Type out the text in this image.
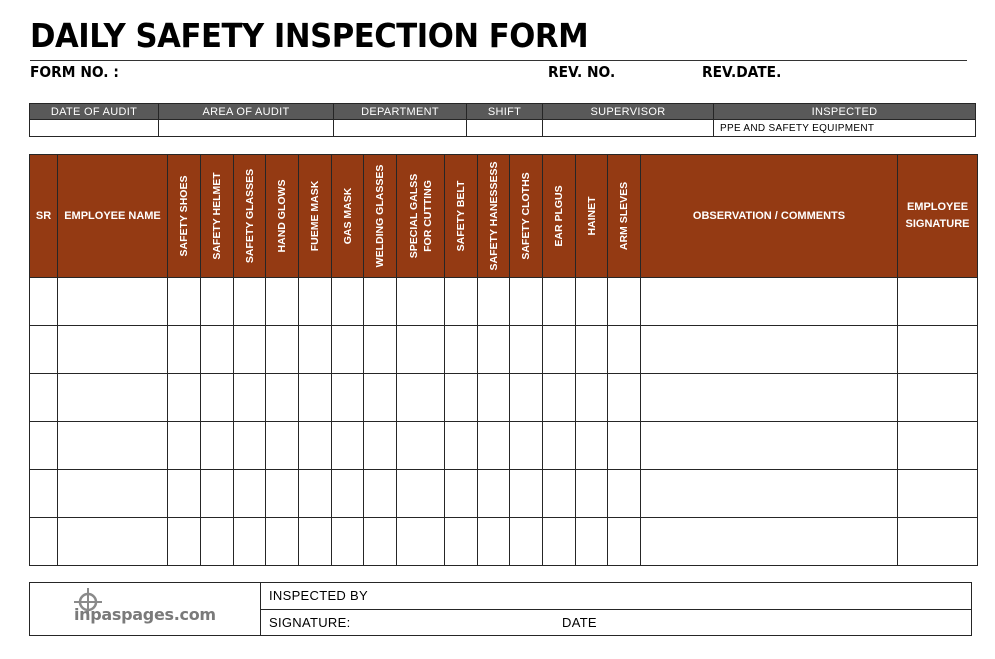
DAILY SAFETY INSPECTION FORM
FORM NO. :	REV. NO.	REV.DATE.
DATE OF AUDIT	AREA OF AUDIT	DEPARTMENT	SHIFT	SUPERVISOR	INSPECTED
					PPE AND SAFETY EQUIPMENT
SR	EMPLOYEE NAME	SAFETY SHOES	SAFETY HELMET	SAFETY GLASSES	HAND GLOWS	FUEME MASK	GAS MASK	WELDING GLASSES	SPECIAL GALSS FOR CUTTING	SAFETY BELT	SAFETY HANESSESS	SAFETY CLOTHS	EAR PLGUS	HAINET	ARM SLEVES	OBSERVATION / COMMENTS	EMPLOYEE SIGNATURE

inpaspages.com
	INSPECTED BY
SIGNATURE:	DATE
